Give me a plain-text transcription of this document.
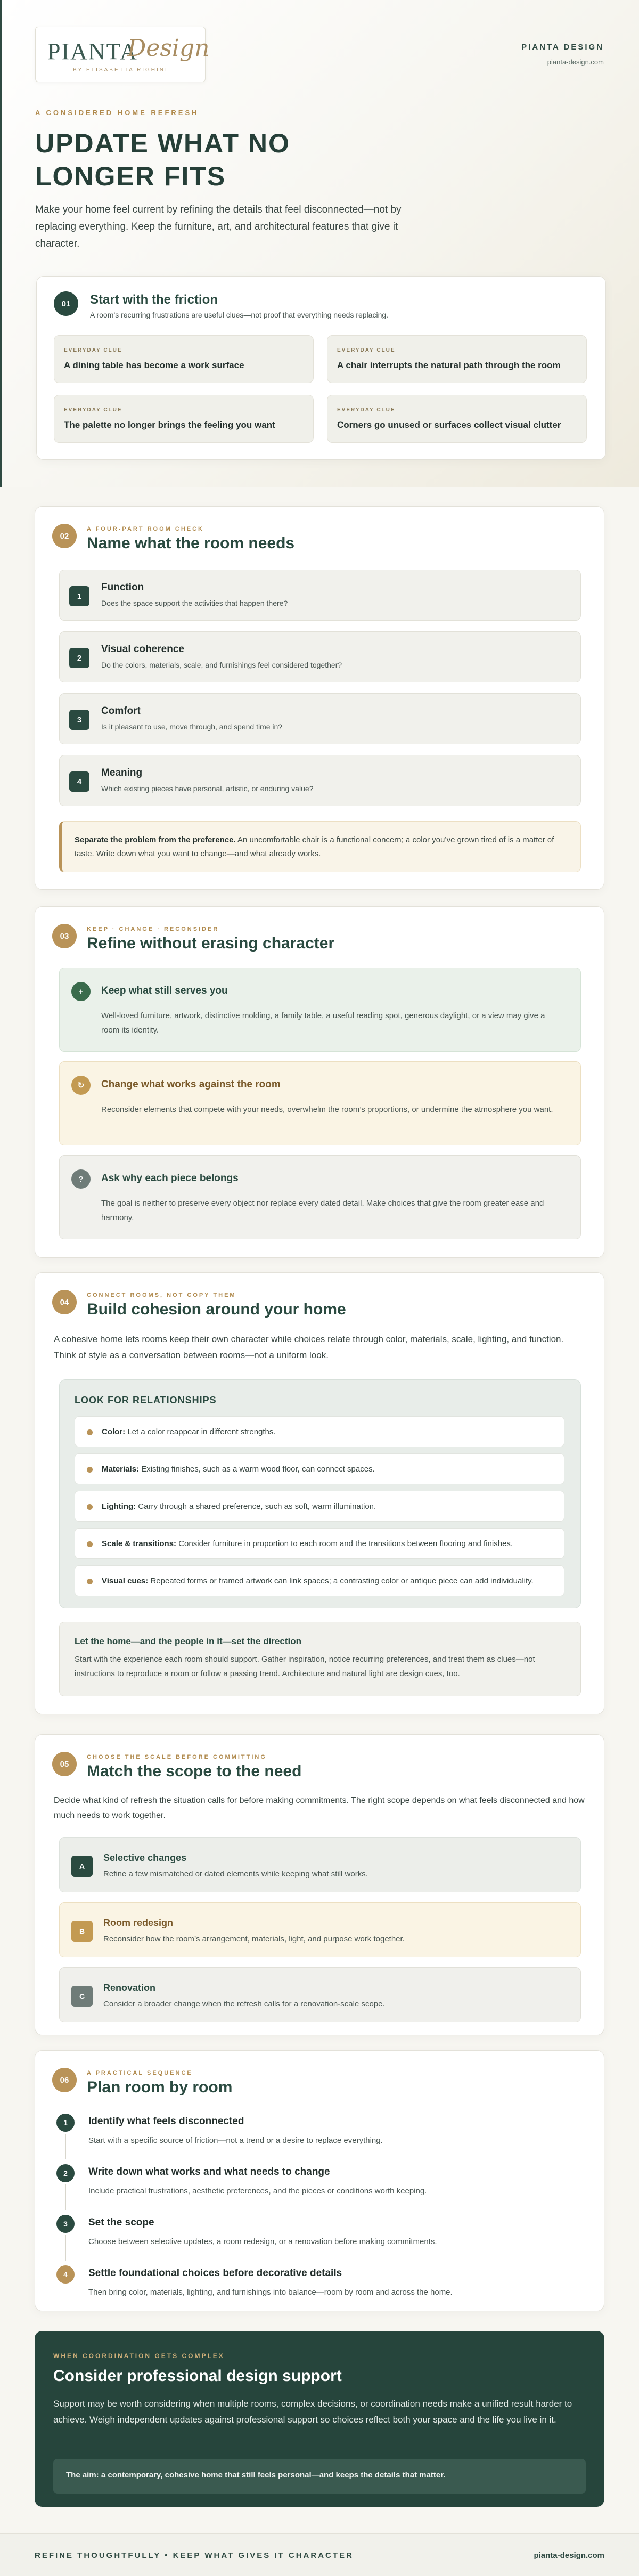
PIANTA
Design
BY ELISABETTA RIGHINI
PIANTA DESIGN
pianta-design.com
A CONSIDERED HOME REFRESH
UPDATE WHAT NO LONGER FITS

Make your home feel current by refining the details that feel disconnected—not by replacing everything. Keep the furniture, art, and architectural features that give it character.

01	Start with the friction
A room’s recurring frustrations are useful clues—not proof that everything needs replacing.
EVERYDAY CLUE
A dining table has become a work surface
EVERYDAY CLUE
A chair interrupts the natural path through the room
EVERYDAY CLUE
The palette no longer brings the feeling you want
EVERYDAY CLUE
Corners go unused or surfaces collect visual clutter
02
A FOUR-PART ROOM CHECK
Name what the room needs
1
Function
Does the space support the activities that happen there?
2
Visual coherence
Do the colors, materials, scale, and furnishings feel considered together?
3
Comfort
Is it pleasant to use, move through, and spend time in?
4
Meaning
Which existing pieces have personal, artistic, or enduring value?
Separate the problem from the preference. An uncomfortable chair is a functional concern; a color you’ve grown tired of is a matter of taste. Write down what you want to change—and what already works.
03
KEEP · CHANGE · RECONSIDER
Refine without erasing character
+	Keep what still serves you
Well-loved furniture, artwork, distinctive molding, a family table, a useful reading spot, generous daylight, or a view may give a room its identity.
↻	Change what works against the room
Reconsider elements that compete with your needs, overwhelm the room’s proportions, or undermine the atmosphere you want.
?	Ask why each piece belongs
The goal is neither to preserve every object nor replace every dated detail. Make choices that give the room greater ease and harmony.
04
CONNECT ROOMS, NOT COPY THEM
Build cohesion around your home

A cohesive home lets rooms keep their own character while choices relate through color, materials, scale, lighting, and function. Think of style as a conversation between rooms—not a uniform look.

LOOK FOR RELATIONSHIPS
Color: Let a color reappear in different strengths.
Materials: Existing finishes, such as a warm wood floor, can connect spaces.
Lighting: Carry through a shared preference, such as soft, warm illumination.
Scale & transitions: Consider furniture in proportion to each room and the transitions between flooring and finishes.
Visual cues: Repeated forms or framed artwork can link spaces; a contrasting color or antique piece can add individuality.
Let the home—and the people in it—set the direction
Start with the experience each room should support. Gather inspiration, notice recurring preferences, and treat them as clues—not instructions to reproduce a room or follow a passing trend. Architecture and natural light are design cues, too.
05
CHOOSE THE SCALE BEFORE COMMITTING
Match the scope to the need

Decide what kind of refresh the situation calls for before making commitments. The right scope depends on what feels disconnected and how much needs to work together.

A
Selective changes
Refine a few mismatched or dated elements while keeping what still works.
B
Room redesign
Reconsider how the room’s arrangement, materials, light, and purpose work together.
C
Renovation
Consider a broader change when the refresh calls for a renovation-scale scope.
06
A PRACTICAL SEQUENCE
Plan room by room
1	Identify what feels disconnected
Start with a specific source of friction—not a trend or a desire to replace everything.
2	Write down what works and what needs to change
Include practical frustrations, aesthetic preferences, and the pieces or conditions worth keeping.
3	Set the scope
Choose between selective updates, a room redesign, or a renovation before making commitments.
4	Settle foundational choices before decorative details
Then bring color, materials, lighting, and furnishings into balance—room by room and across the home.
WHEN COORDINATION GETS COMPLEX
Consider professional design support
Support may be worth considering when multiple rooms, complex decisions, or coordination needs make a unified result harder to achieve. Weigh independent updates against professional support so choices reflect both your space and the life you live in it.
The aim: a contemporary, cohesive home that still feels personal—and keeps the details that matter.
REFINE THOUGHTFULLY • KEEP WHAT GIVES IT CHARACTER	pianta-design.com
